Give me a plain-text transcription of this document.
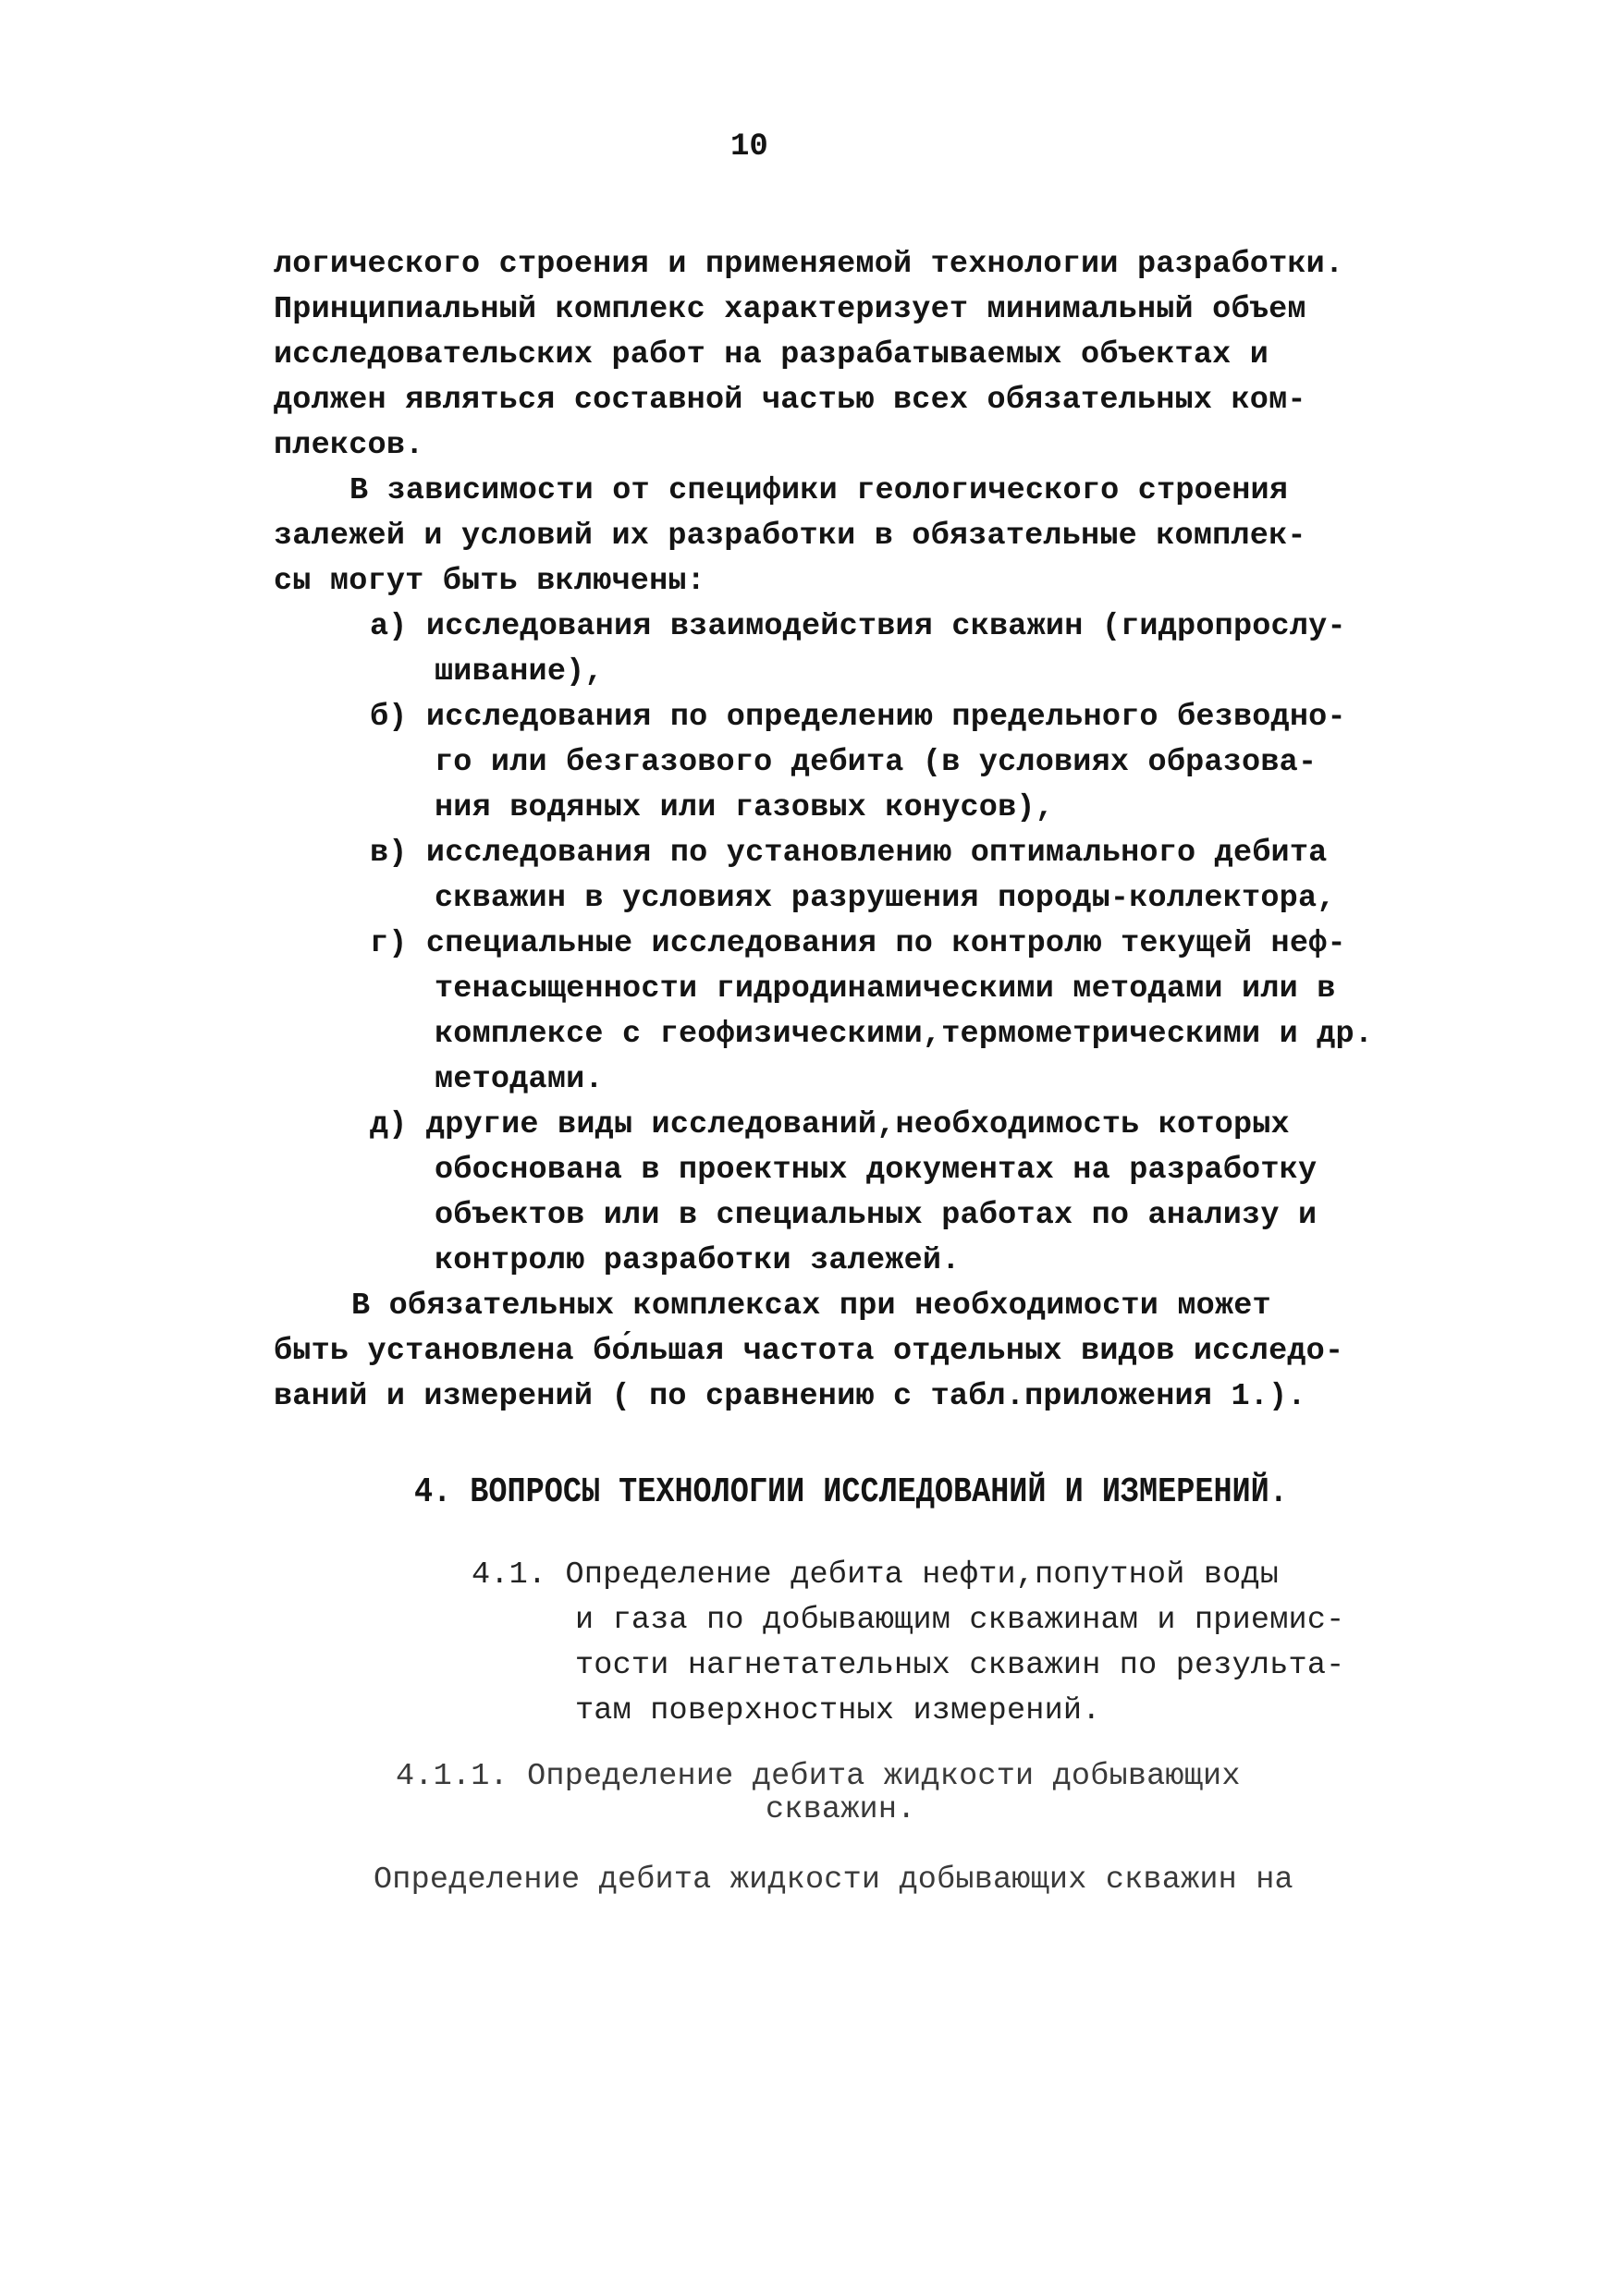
10
логического строения и применяемой технологии разработки.
Принципиальный комплекс характеризует минимальный объем
исследовательских работ на разрабатываемых объектах и
должен являться составной частью всех обязательных ком-
плексов.
В зависимости от специфики геологического строения
залежей и условий их разработки в обязательные комплек-
сы могут быть включены:
а) исследования взаимодействия скважин (гидропрослу-
шивание),
б) исследования по определению предельного безводно-
го или безгазового дебита (в условиях образова-
ния водяных или газовых конусов),
в) исследования по установлению оптимального дебита
скважин в условиях разрушения породы-коллектора,
г) специальные исследования по контролю текущей неф-
тенасыщенности гидродинамическими методами или в
комплексе с геофизическими,термометрическими и др.
методами.
д) другие виды исследований,необходимость которых
обоснована в проектных документах на разработку
объектов или в специальных работах по анализу и
контролю разработки залежей.
В обязательных комплексах при необходимости может
быть установлена бо́льшая частота отдельных видов исследо-
ваний и измерений ( по сравнению с табл.приложения 1.).
4. ВОПРОСЫ ТЕХНОЛОГИИ ИССЛЕДОВАНИЙ И ИЗМЕРЕНИЙ.
4.1. Определение дебита нефти,попутной воды
и газа по добывающим скважинам и приемис-
тости нагнетательных скважин по результа-
там поверхностных измерений.
4.1.1. Определение дебита жидкости добывающих
скважин.
Определение дебита жидкости добывающих скважин на
